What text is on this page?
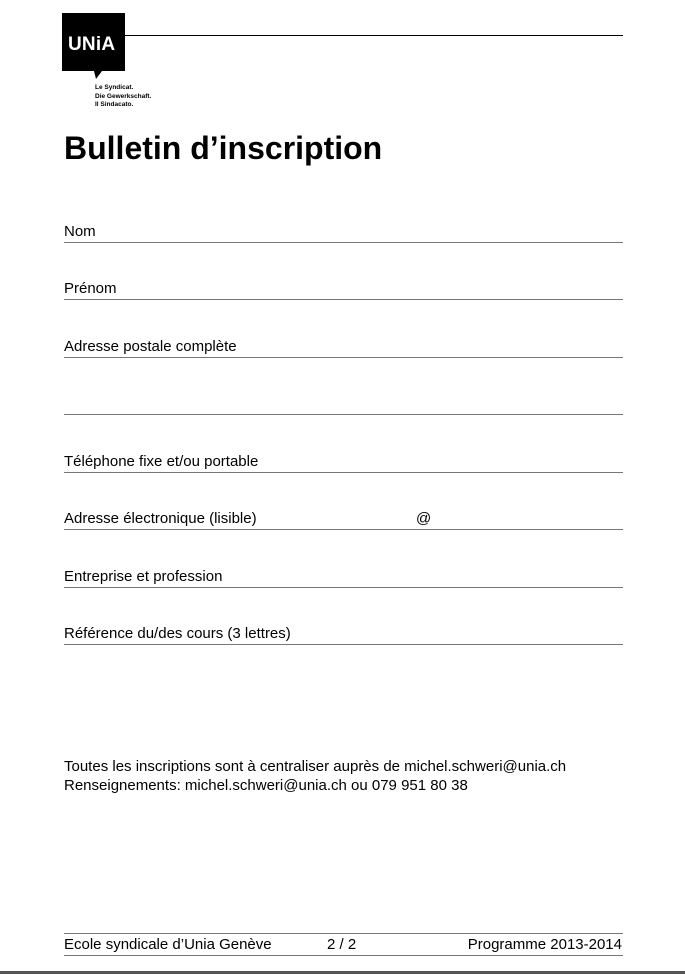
UNiA
Le Syndicat.
Die Gewerkschaft.
Il Sindacato.
Bulletin d’inscription
Nom
Prénom
Adresse postale complète
Téléphone fixe et/ou portable
Adresse électronique (lisible)	@
Entreprise et profession
Référence du/des cours (3 lettres)
Toutes les inscriptions sont à centraliser auprès de michel.schweri@unia.ch
Renseignements: michel.schweri@unia.ch ou 079 951 80 38
Ecole syndicale d’Unia Genève	2 / 2	Programme 2013-2014
